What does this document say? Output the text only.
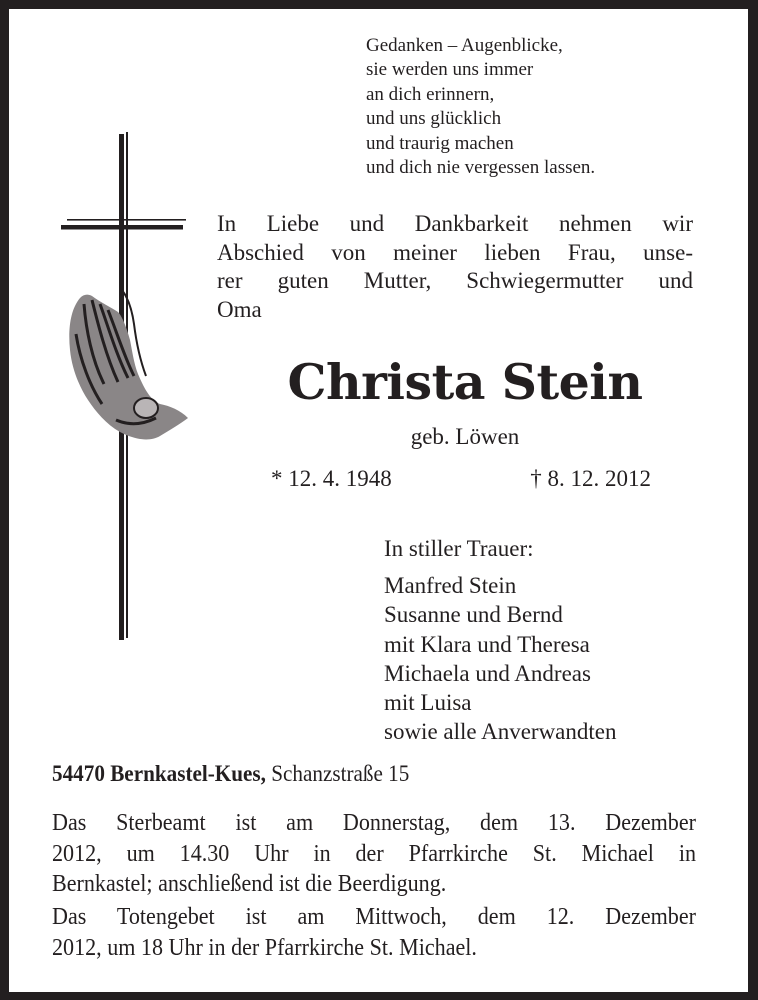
Gedanken – Augenblicke,
sie werden uns immer
an dich erinnern,
und uns glücklich
und traurig machen
und dich nie vergessen lassen.
In Liebe und Dankbarkeit nehmen wir
Abschied von meiner lieben Frau, unse-
rer guten Mutter, Schwiegermutter und
Oma
Christa Stein
geb. Löwen
* 12. 4. 1948	† 8. 12. 2012
In stiller Trauer:
Manfred Stein
Susanne und Bernd
mit Klara und Theresa
Michaela und Andreas
mit Luisa
sowie alle Anverwandten
54470 Bernkastel-Kues, Schanzstraße 15
Das Sterbeamt ist am Donnerstag, dem 13. Dezember
2012, um 14.30 Uhr in der Pfarrkirche St. Michael in
Bernkastel; anschließend ist die Beerdigung.
Das Totengebet ist am Mittwoch, dem 12. Dezember
2012, um 18 Uhr in der Pfarrkirche St. Michael.
